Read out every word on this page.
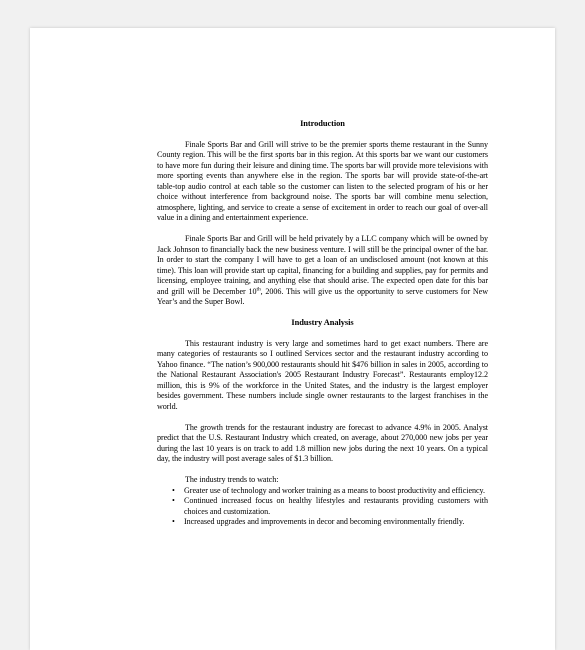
Introduction

Finale Sports Bar and Grill will strive to be the premier sports theme restaurant in the Sunny County region. This will be the first sports bar in this region. At this sports bar we want our customers to have more fun during their leisure and dining time. The sports bar will provide more televisions with more sporting events than anywhere else in the region. The sports bar will provide state-of-the-art table-top audio control at each table so the customer can listen to the selected program of his or her choice without interference from background noise. The sports bar will combine menu selection, atmosphere, lighting, and service to create a sense of excitement in order to reach our goal of over-all value in a dining and entertainment experience.

Finale Sports Bar and Grill will be held privately by a LLC company which will be owned by Jack Johnson to financially back the new business venture. I will still be the principal owner of the bar. In order to start the company I will have to get a loan of an undisclosed amount (not known at this time). This loan will provide start up capital, financing for a building and supplies, pay for permits and licensing, employee training, and anything else that should arise. The expected open date for this bar and grill will be December 10th, 2006. This will give us the opportunity to serve customers for New Year’s and the Super Bowl.

Industry Analysis

This restaurant industry is very large and sometimes hard to get exact numbers. There are many categories of restaurants so I outlined Services sector and the restaurant industry according to Yahoo finance. “The nation’s 900,000 restaurants should hit $476 billion in sales in 2005, according to the National Restaurant Association's 2005 Restaurant Industry Forecast”. Restaurants employ12.2 million, this is 9% of the workforce in the United States, and the industry is the largest employer besides government. These numbers include single owner restaurants to the largest franchises in the world.

The growth trends for the restaurant industry are forecast to advance 4.9% in 2005. Analyst predict that the U.S. Restaurant Industry which created, on average, about 270,000 new jobs per year during the last 10 years is on track to add 1.8 million new jobs during the next 10 years. On a typical day, the industry will post average sales of $1.3 billion.

The industry trends to watch:

• Greater use of technology and worker training as a means to boost productivity and efficiency.
• Continued increased focus on healthy lifestyles and restaurants providing customers with choices and customization.
• Increased upgrades and improvements in decor and becoming environmentally friendly.
